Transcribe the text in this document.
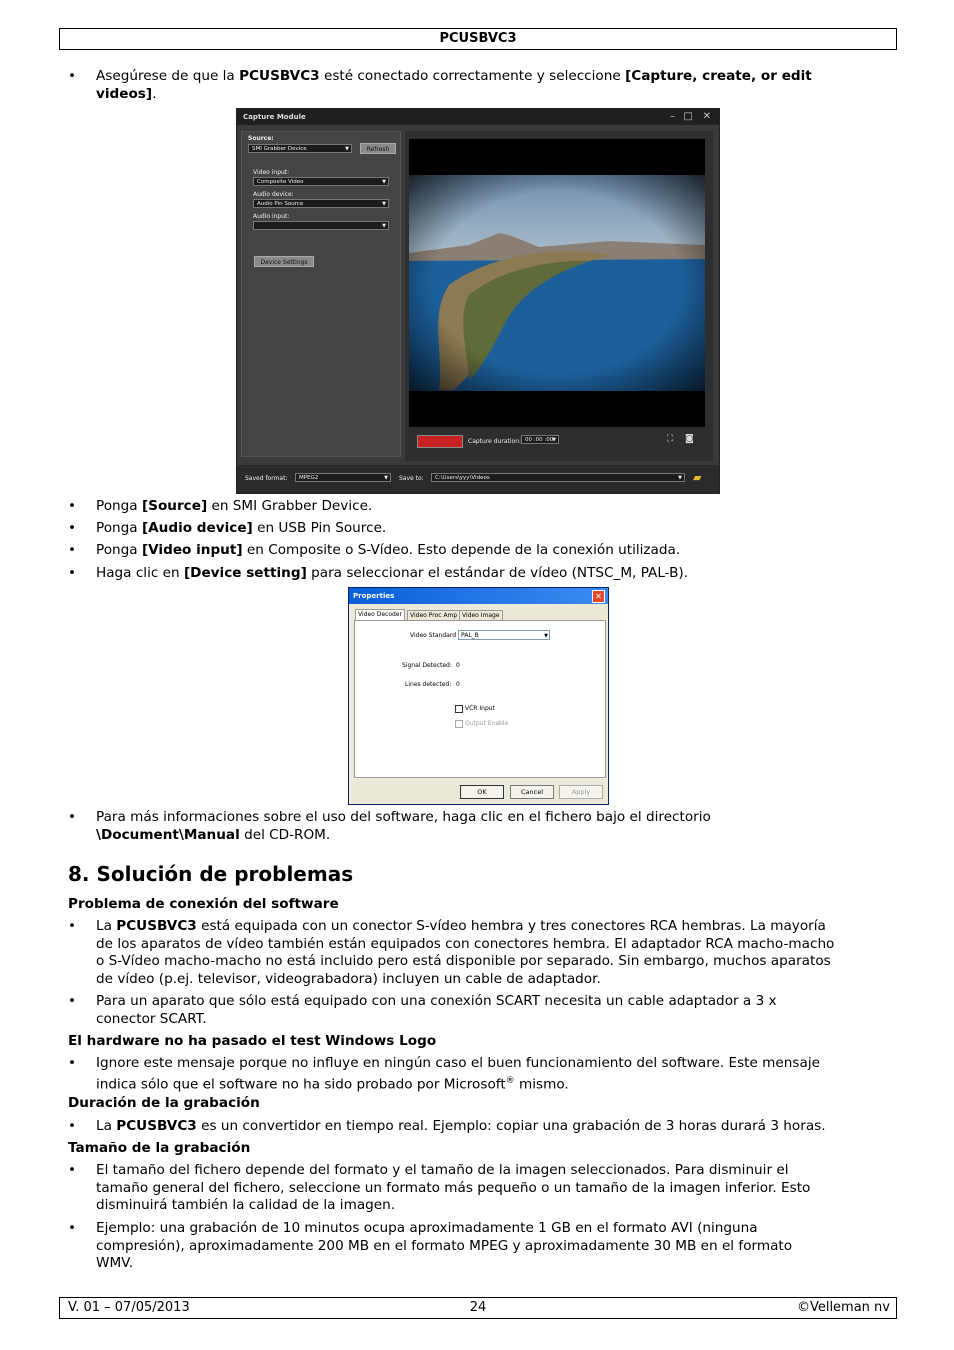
PCUSBVC3
• Asegúrese de que la PCUSBVC3 esté conectado correctamente y seleccione [Capture, create, or edit
videos].
Capture Module	– □ ✕
Source:
SMI Grabber Device ▼	Refresh
Video input:
Composite Video ▼
Audio device:
Audio Pin Source ▼
Audio input:
▼
Device Settings
Capture duration: 00 :00 :00 ▼	⛶ ◙
Saved format:	MPEG2 ▼	Save to:	C:\Users\yyy\Videos ▼	▰
• Ponga [Source] en SMI Grabber Device.
• Ponga [Audio device] en USB Pin Source.
• Ponga [Video input] en Composite o S-Vídeo. Esto depende de la conexión utilizada.
• Haga clic en [Device setting] para seleccionar el estándar de vídeo (NTSC_M, PAL-B).
Properties	✕
Video Decoder	Video Proc Amp Video Image
Video Standard PAL_B	▼
Signal Detected: 0
Lines detected: 0
VCR Input
Output Enable
OK	Cancel	Apply
• Para más informaciones sobre el uso del software, haga clic en el fichero bajo el directorio
\Document\Manual del CD-ROM.
8. Solución de problemas
Problema de conexión del software
• La PCUSBVC3 está equipada con un conector S-vídeo hembra y tres conectores RCA hembras. La mayoría
de los aparatos de vídeo también están equipados con conectores hembra. El adaptador RCA macho-macho
o S-Vídeo macho-macho no está incluido pero está disponible por separado. Sin embargo, muchos aparatos
de vídeo (p.ej. televisor, videograbadora) incluyen un cable de adaptador.
• Para un aparato que sólo está equipado con una conexión SCART necesita un cable adaptador a 3 x
conector SCART.
El hardware no ha pasado el test Windows Logo
• Ignore este mensaje porque no influye en ningún caso el buen funcionamiento del software. Este mensaje
indica sólo que el software no ha sido probado por Microsoft® mismo.
Duración de la grabación
• La PCUSBVC3 es un convertidor en tiempo real. Ejemplo: copiar una grabación de 3 horas durará 3 horas.
Tamaño de la grabación
• El tamaño del fichero depende del formato y el tamaño de la imagen seleccionados. Para disminuir el
tamaño general del fichero, seleccione un formato más pequeño o un tamaño de la imagen inferior. Esto
disminuirá también la calidad de la imagen.
• Ejemplo: una grabación de 10 minutos ocupa aproximadamente 1 GB en el formato AVI (ninguna
compresión), aproximadamente 200 MB en el formato MPEG y aproximadamente 30 MB en el formato
WMV.
V. 01 – 07/05/2013	24	©Velleman nv
